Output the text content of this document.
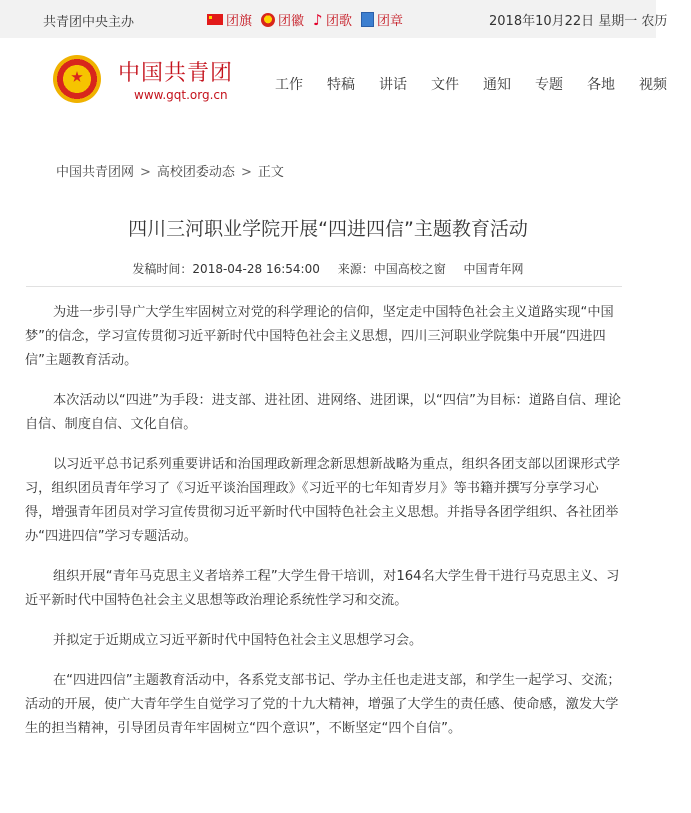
共青团中央主办	团旗 团徽 ♪ 团歌 团章	2018年10月22日 星期一 农历
中国共青团
www.gqt.org.cn
工作 特稿 讲话 文件 通知 专题 各地 视频
中国共青团网 > 高校团委动态 > 正文
四川三河职业学院开展“四进四信”主题教育活动
发稿时间：2018-04-28 16:54:00 来源：中国高校之窗 中国青年网

为进一步引导广大学生牢固树立对党的科学理论的信仰，坚定走中国特色社会主义道路实现“中国梦”的信念，学习宣传贯彻习近平新时代中国特色社会主义思想，四川三河职业学院集中开展“四进四信”主题教育活动。

本次活动以“四进”为手段：进支部、进社团、进网络、进团课，以“四信”为目标：道路自信、理论自信、制度自信、文化自信。

以习近平总书记系列重要讲话和治国理政新理念新思想新战略为重点，组织各团支部以团课形式学习，组织团员青年学习了《习近平谈治国理政》《习近平的七年知青岁月》等书籍并撰写分享学习心得，增强青年团员对学习宣传贯彻习近平新时代中国特色社会主义思想。并指导各团学组织、各社团举办“四进四信”学习专题活动。

组织开展“青年马克思主义者培养工程”大学生骨干培训，对164名大学生骨干进行马克思主义、习近平新时代中国特色社会主义思想等政治理论系统性学习和交流。

并拟定于近期成立习近平新时代中国特色社会主义思想学习会。

在“四进四信”主题教育活动中，各系党支部书记、学办主任也走进支部，和学生一起学习、交流；活动的开展，使广大青年学生自觉学习了党的十九大精神，增强了大学生的责任感、使命感，激发大学生的担当精神，引导团员青年牢固树立“四个意识”，不断坚定“四个自信”。
